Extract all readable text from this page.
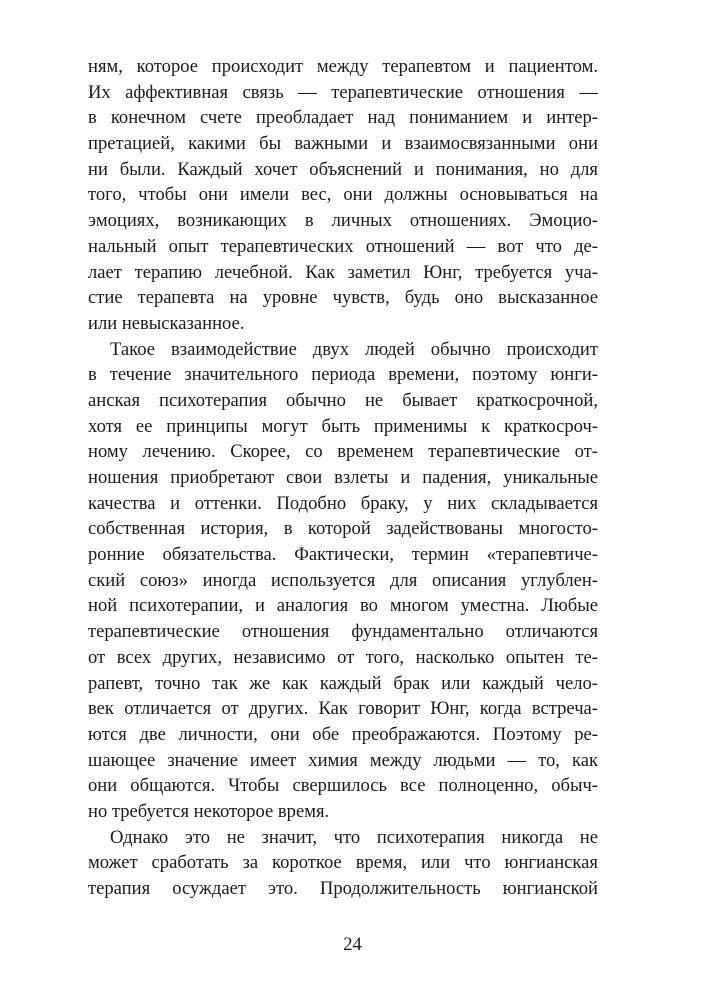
ням, которое происходит между терапевтом и пациентом.
Их аффективная связь — терапевтические отношения —
в конечном счете преобладает над пониманием и интер-
претацией, какими бы важными и взаимосвязанными они
ни были. Каждый хочет объяснений и понимания, но для
того, чтобы они имели вес, они должны основываться на
эмоциях, возникающих в личных отношениях. Эмоцио-
нальный опыт терапевтических отношений — вот что де-
лает терапию лечебной. Как заметил Юнг, требуется уча-
стие терапевта на уровне чувств, будь оно высказанное
или невысказанное.
Такое взаимодействие двух людей обычно происходит
в течение значительного периода времени, поэтому юнги-
анская психотерапия обычно не бывает краткосрочной,
хотя ее принципы могут быть применимы к краткосроч-
ному лечению. Скорее, со временем терапевтические от-
ношения приобретают свои взлеты и падения, уникальные
качества и оттенки. Подобно браку, у них складывается
собственная история, в которой задействованы многосто-
ронние обязательства. Фактически, термин «терапевтиче-
ский союз» иногда используется для описания углублен-
ной психотерапии, и аналогия во многом уместна. Любые
терапевтические отношения фундаментально отличаются
от всех других, независимо от того, насколько опытен те-
рапевт, точно так же как каждый брак или каждый чело-
век отличается от других. Как говорит Юнг, когда встреча-
ются две личности, они обе преображаются. Поэтому ре-
шающее значение имеет химия между людьми — то, как
они общаются. Чтобы свершилось все полноценно, обыч-
но требуется некоторое время.
Однако это не значит, что психотерапия никогда не
может сработать за короткое время, или что юнгианская
терапия осуждает это. Продолжительность юнгианской
24
